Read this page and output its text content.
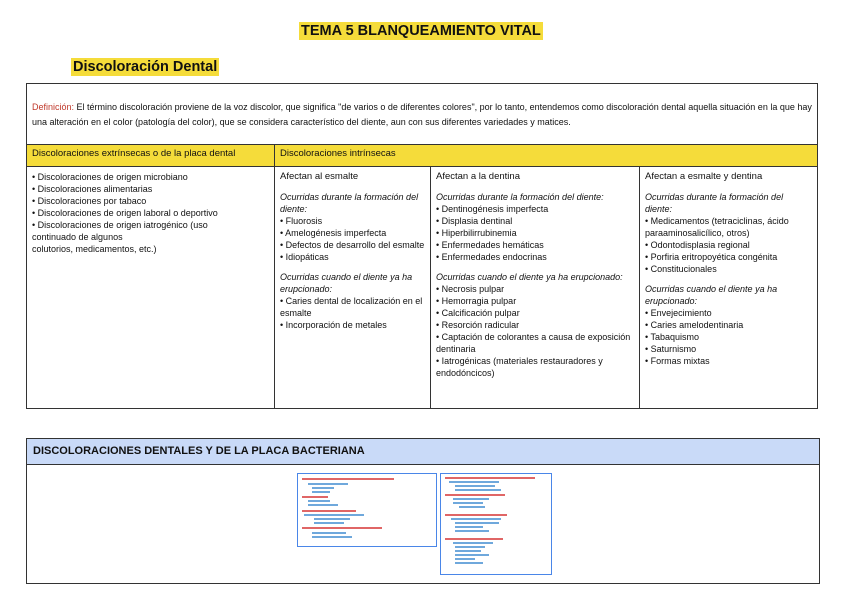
TEMA 5 BLANQUEAMIENTO VITAL
Discoloración Dental
Definición: El término discoloración proviene de la voz discolor, que significa "de varios o de diferentes colores", por lo tanto, entendemos como discoloración dental aquella situación en la que hay una alteración en el color (patología del color), que se considera característico del diente, aun con sus diferentes variedades y matices.
Discoloraciones extrínsecas o de la placa dental	Discoloraciones intrínsecas
• Discoloraciones de origen microbiano
• Discoloraciones alimentarias
• Discoloraciones por tabaco
• Discoloraciones de origen laboral o deportivo
• Discoloraciones de origen iatrogénico (uso
continuado de algunos
colutorios, medicamentos, etc.)
Afectan al esmalte
Ocurridas durante la formación del diente:
• Fluorosis
• Amelogénesis imperfecta
• Defectos de desarrollo del esmalte
• Idiopáticas
Ocurridas cuando el diente ya ha erupcionado:
• Caries dental de localización en el esmalte
• Incorporación de metales
Afectan a la dentina
Ocurridas durante la formación del diente:
• Dentinogénesis imperfecta
• Displasia dentinal
• Hiperbilirrubinemia
• Enfermedades hemáticas
• Enfermedades endocrinas
Ocurridas cuando el diente ya ha erupcionado:
• Necrosis pulpar
• Hemorragia pulpar
• Calcificación pulpar
• Resorción radicular
• Captación de colorantes a causa de exposición dentinaria
• Iatrogénicas (materiales restauradores y endodóncicos)
Afectan a esmalte y dentina
Ocurridas durante la formación del diente:
• Medicamentos (tetraciclinas, ácido paraaminosalicílico, otros)
• Odontodisplasia regional
• Porfiria eritropoyética congénita
• Constitucionales
Ocurridas cuando el diente ya ha erupcionado:
• Envejecimiento
• Caries amelodentinaria
• Tabaquismo
• Saturnismo
• Formas mixtas
DISCOLORACIONES DENTALES Y DE LA PLACA BACTERIANA
